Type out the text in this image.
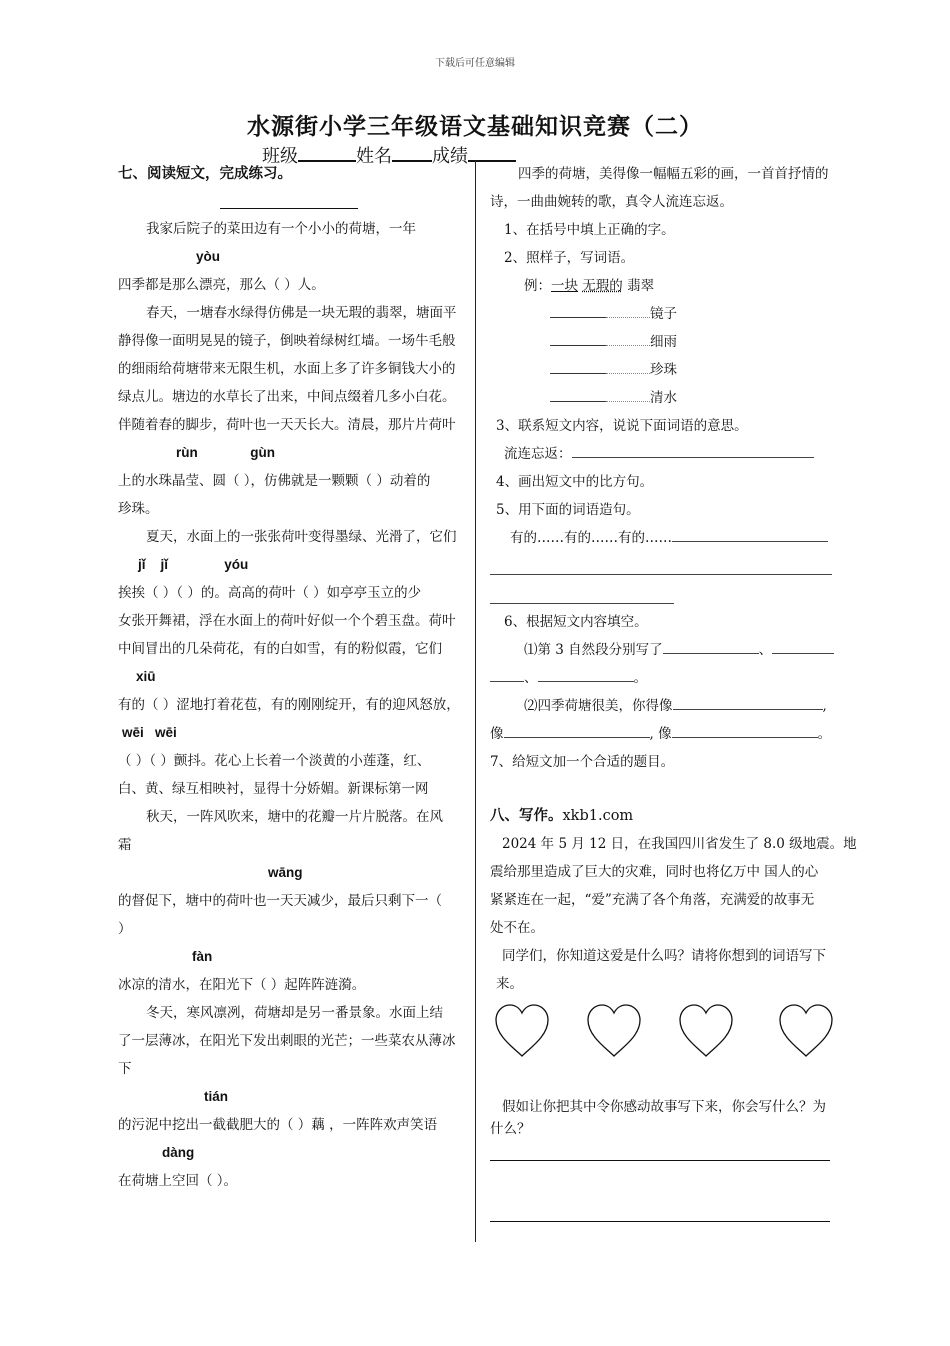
下载后可任意编辑
水源街小学三年级语文基础知识竞赛（二）
班级	姓名 成绩
七、阅读短文，完成练习。
我家后院子的菜田边有一个小小的荷塘，一年
yòu
四季都是那么漂亮，那么（ ）人。
春天，一塘春水绿得仿佛是一块无瑕的翡翠，塘面平
静得像一面明晃晃的镜子，倒映着绿树红墙。一场牛毛般
的细雨给荷塘带来无限生机，水面上多了许多铜钱大小的
绿点儿。塘边的水草长了出来，中间点缀着几多小白花。
伴随着春的脚步，荷叶也一天天长大。清晨，那片片荷叶
rùn              gùn
上的水珠晶莹、圆（ ），仿佛就是一颗颗（ ）动着的
珍珠。
夏天，水面上的一张张荷叶变得墨绿、光滑了，它们
jǐ    jǐ               yóu
挨挨（ ）（ ）的。高高的荷叶（ ）如亭亭玉立的少
女张开舞裙，浮在水面上的荷叶好似一个个碧玉盘。荷叶
中间冒出的几朵荷花，有的白如雪，有的粉似霞，它们
xiū
有的（ ）涩地打着花苞，有的刚刚绽开，有的迎风怒放，
wēi   wēi
（ ）（ ）颤抖。花心上长着一个淡黄的小莲蓬，红、
白、黄、绿互相映衬，显得十分娇媚。新课标第一网
秋天，一阵风吹来，塘中的花瓣一片片脱落。在风
霜
wāng
的督促下，塘中的荷叶也一天天减少，最后只剩下一（
）
fàn
冰凉的清水，在阳光下（ ）起阵阵涟漪。
冬天，寒风凛冽，荷塘却是另一番景象。水面上结
了一层薄冰，在阳光下发出刺眼的光芒；一些菜农从薄冰
下
tián
的污泥中挖出一截截肥大的（ ）藕 ，一阵阵欢声笑语
dàng
在荷塘上空回（ ）。
四季的荷塘，美得像一幅幅五彩的画，一首首抒情的
诗，一曲曲婉转的歌，真令人流连忘返。
1、在括号中填上正确的字。
2、照样子，写词语。
例：一块 无瑕的 翡翠
镜子
细雨
珍珠
清水
3、联系短文内容，说说下面词语的意思。
流连忘返：
4、画出短文中的比方句。
5、用下面的词语造句。
有的……有的……有的……
6、根据短文内容填空。
⑴第 3 自然段分别写了	、
、	。
⑵四季荷塘很美，你得像	,
像	, 像	。
7、给短文加一个合适的题目。
八、写作。xkb1.com
2024 年 5 月 12 日，在我国四川省发生了 8.0 级地震。地
震给那里造成了巨大的灾难，同时也将亿万中 国人的心
紧紧连在一起，“爱”充满了各个角落，充满爱的故事无
处不在。
同学们，你知道这爱是什么吗？请将你想到的词语写下
来。
假如让你把其中令你感动故事写下来，你会写什么？为
什么？
